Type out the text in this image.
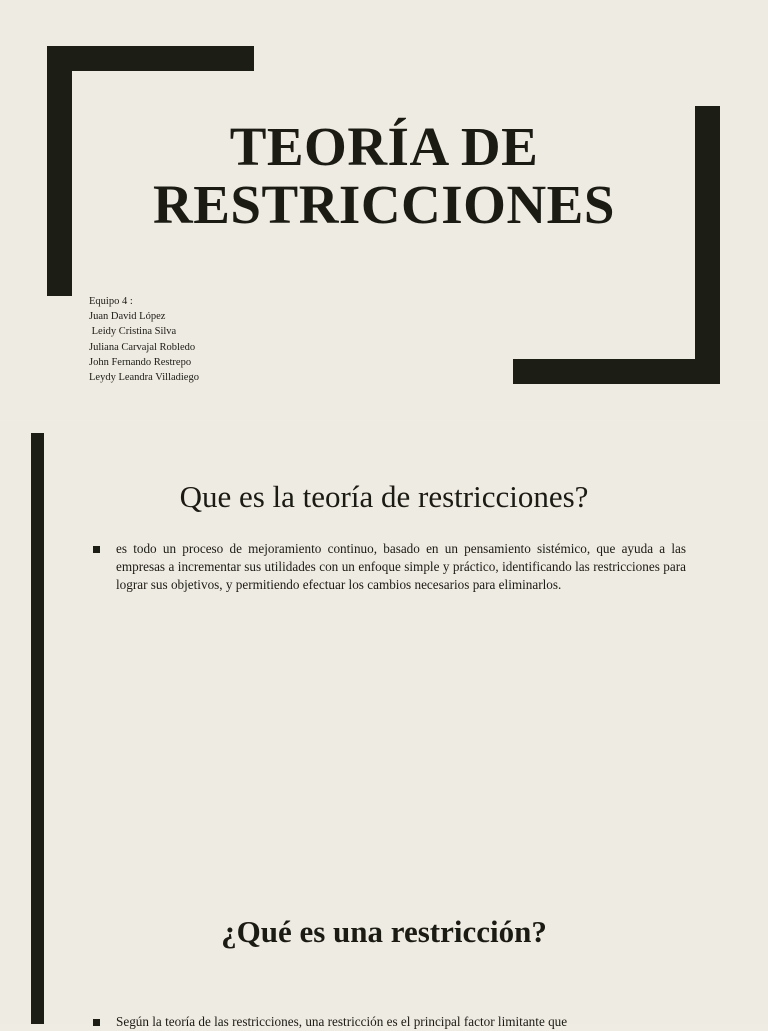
TEORÍA DE
RESTRICCIONES
Equipo 4 :
Juan David López
Leidy Cristina Silva
Juliana Carvajal Robledo
John Fernando Restrepo
Leydy Leandra Villadiego
Que es la teoría de restricciones?
es todo un proceso de mejoramiento continuo, basado en un pensamiento sistémico, que ayuda a las empresas a incrementar sus utilidades con un enfoque simple y práctico, identificando las restricciones para lograr sus objetivos, y permitiendo efectuar los cambios necesarios para eliminarlos.
¿Qué es una restricción?
Según la teoría de las restricciones, una restricción es el principal factor limitante que
